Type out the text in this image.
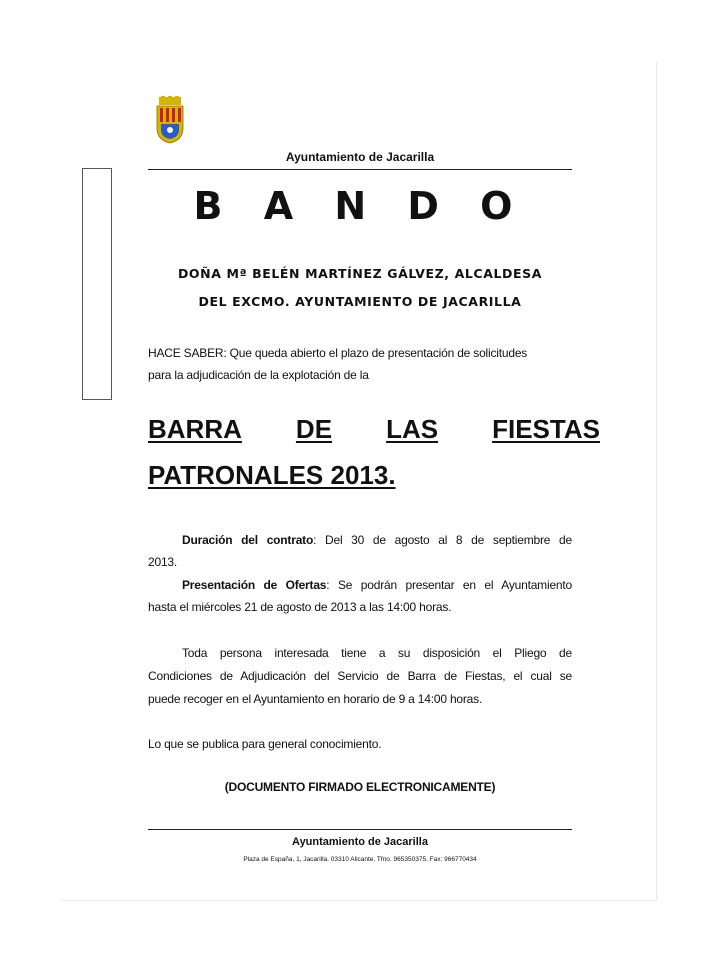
Ayuntamiento de Jacarilla
B A N D O
DOÑA Mª BELÉN MARTÍNEZ GÁLVEZ, ALCALDESA
DEL EXCMO. AYUNTAMIENTO DE JACARILLA
HACE SABER: Que queda abierto el plazo de presentación de solicitudes
para la adjudicación de la explotación de la
BARRA DE LAS FIESTAS
PATRONALES 2013.
Duración del contrato: Del 30 de agosto al 8 de septiembre de
2013.
Presentación de Ofertas: Se podrán presentar en el Ayuntamiento
hasta el miércoles 21 de agosto de 2013 a las 14:00 horas.
Toda persona interesada tiene a su disposición el Pliego de
Condiciones de Adjudicación del Servicio de Barra de Fiestas, el cual se
puede recoger en el Ayuntamiento en horario de 9 a 14:00 horas.
Lo que se publica para general conocimiento.
(DOCUMENTO FIRMADO ELECTRONICAMENTE)
Ayuntamiento de Jacarilla
Plaza de España, 1, Jacarilla. 03310 Alicante. Tfno. 965350375. Fax: 966770434
